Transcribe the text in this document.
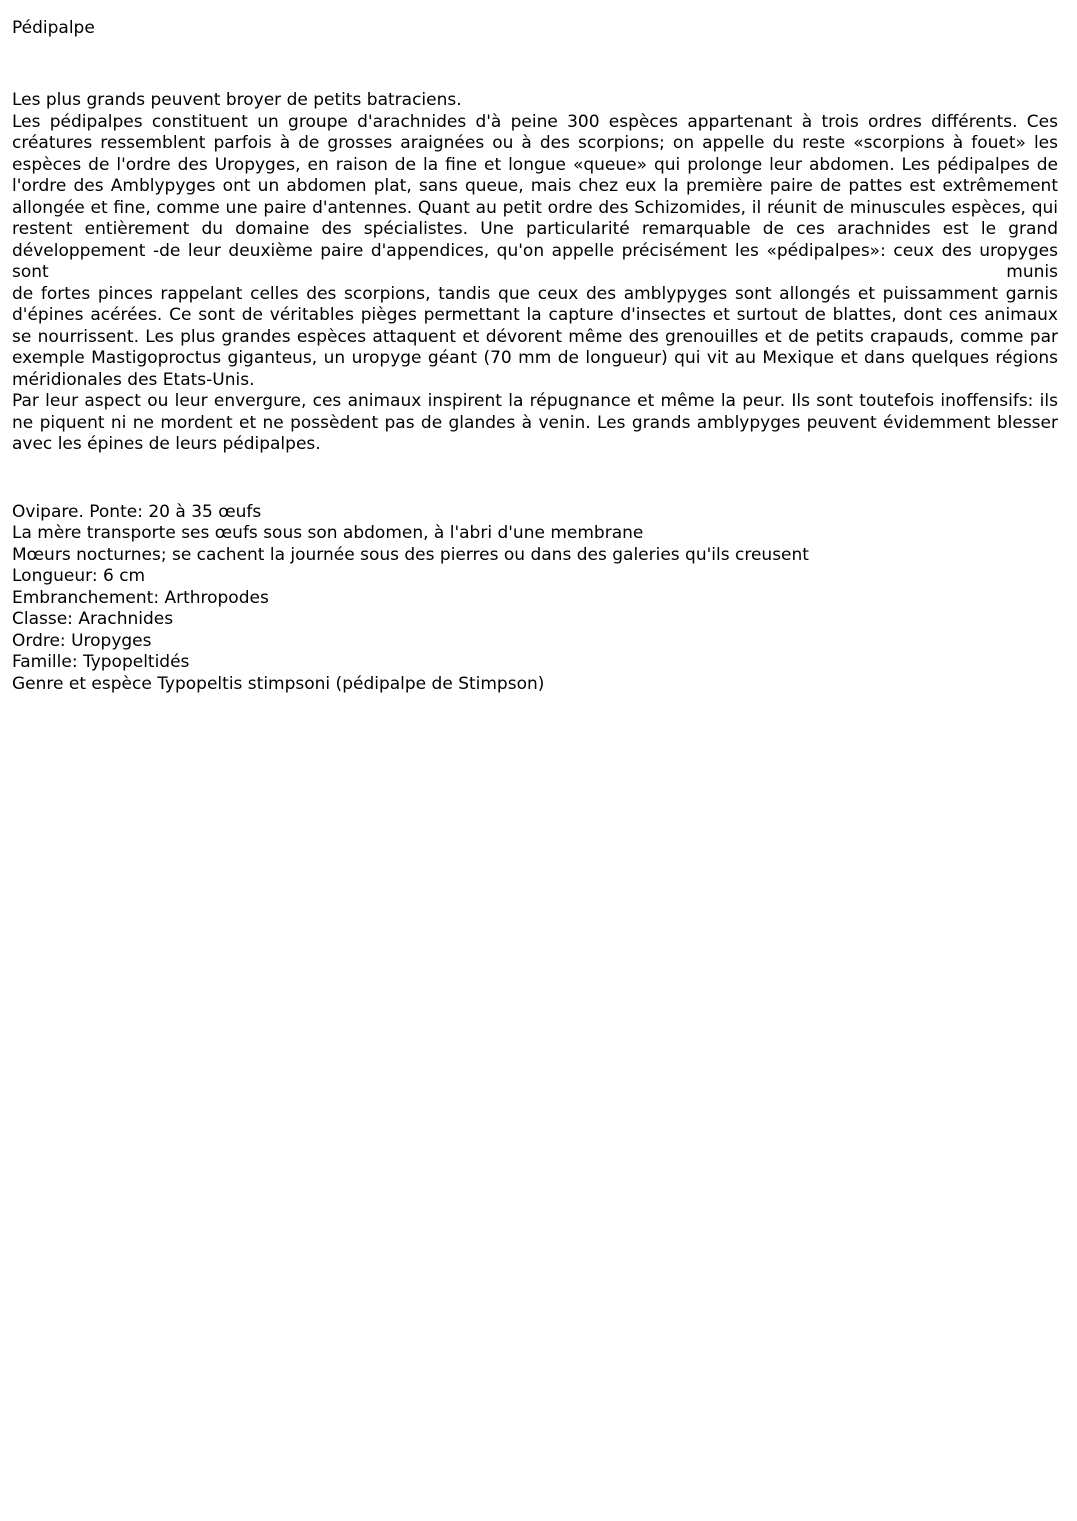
Pédipalpe

Les plus grands peuvent broyer de petits batraciens.

Les pédipalpes constituent un groupe d'arachnides d'à peine 300 espèces appartenant à trois ordres différents. Ces créatures ressemblent parfois à de grosses araignées ou à des scorpions; on appelle du reste «scorpions à fouet» les espèces de l'ordre des Uropyges, en raison de la fine et longue «queue» qui prolonge leur abdomen. Les pédipalpes de l'ordre des Amblypyges ont un abdomen plat, sans queue, mais chez eux la première paire de pattes est extrêmement allongée et fine, comme une paire d'antennes. Quant au petit ordre des Schizomides, il réunit de minuscules espèces, qui restent entièrement du domaine des spécialistes. Une particularité remarquable de ces arachnides est le grand développement -de leur deuxième paire d'appendices, qu'on appelle précisément les «pédipalpes»: ceux des uropyges sont munis

de fortes pinces rappelant celles des scorpions, tandis que ceux des amblypyges sont allongés et puissamment garnis d'épines acérées. Ce sont de véritables pièges permettant la capture d'insectes et surtout de blattes, dont ces animaux se nourrissent. Les plus grandes espèces attaquent et dévorent même des grenouilles et de petits crapauds, comme par exemple Mastigoproctus giganteus, un uropyge géant (70 mm de longueur) qui vit au Mexique et dans quelques régions méridionales des Etats-Unis.

Par leur aspect ou leur envergure, ces animaux inspirent la répugnance et même la peur. Ils sont toutefois inoffensifs: ils ne piquent ni ne mordent et ne possèdent pas de glandes à venin. Les grands amblypyges peuvent évidemment blesser avec les épines de leurs pédipalpes.

Ovipare. Ponte: 20 à 35 œufs

La mère transporte ses œufs sous son abdomen, à l'abri d'une membrane

Mœurs nocturnes; se cachent la journée sous des pierres ou dans des galeries qu'ils creusent

Longueur: 6 cm

Embranchement: Arthropodes

Classe: Arachnides

Ordre: Uropyges

Famille: Typopeltidés

Genre et espèce Typopeltis stimpsoni (pédipalpe de Stimpson)
